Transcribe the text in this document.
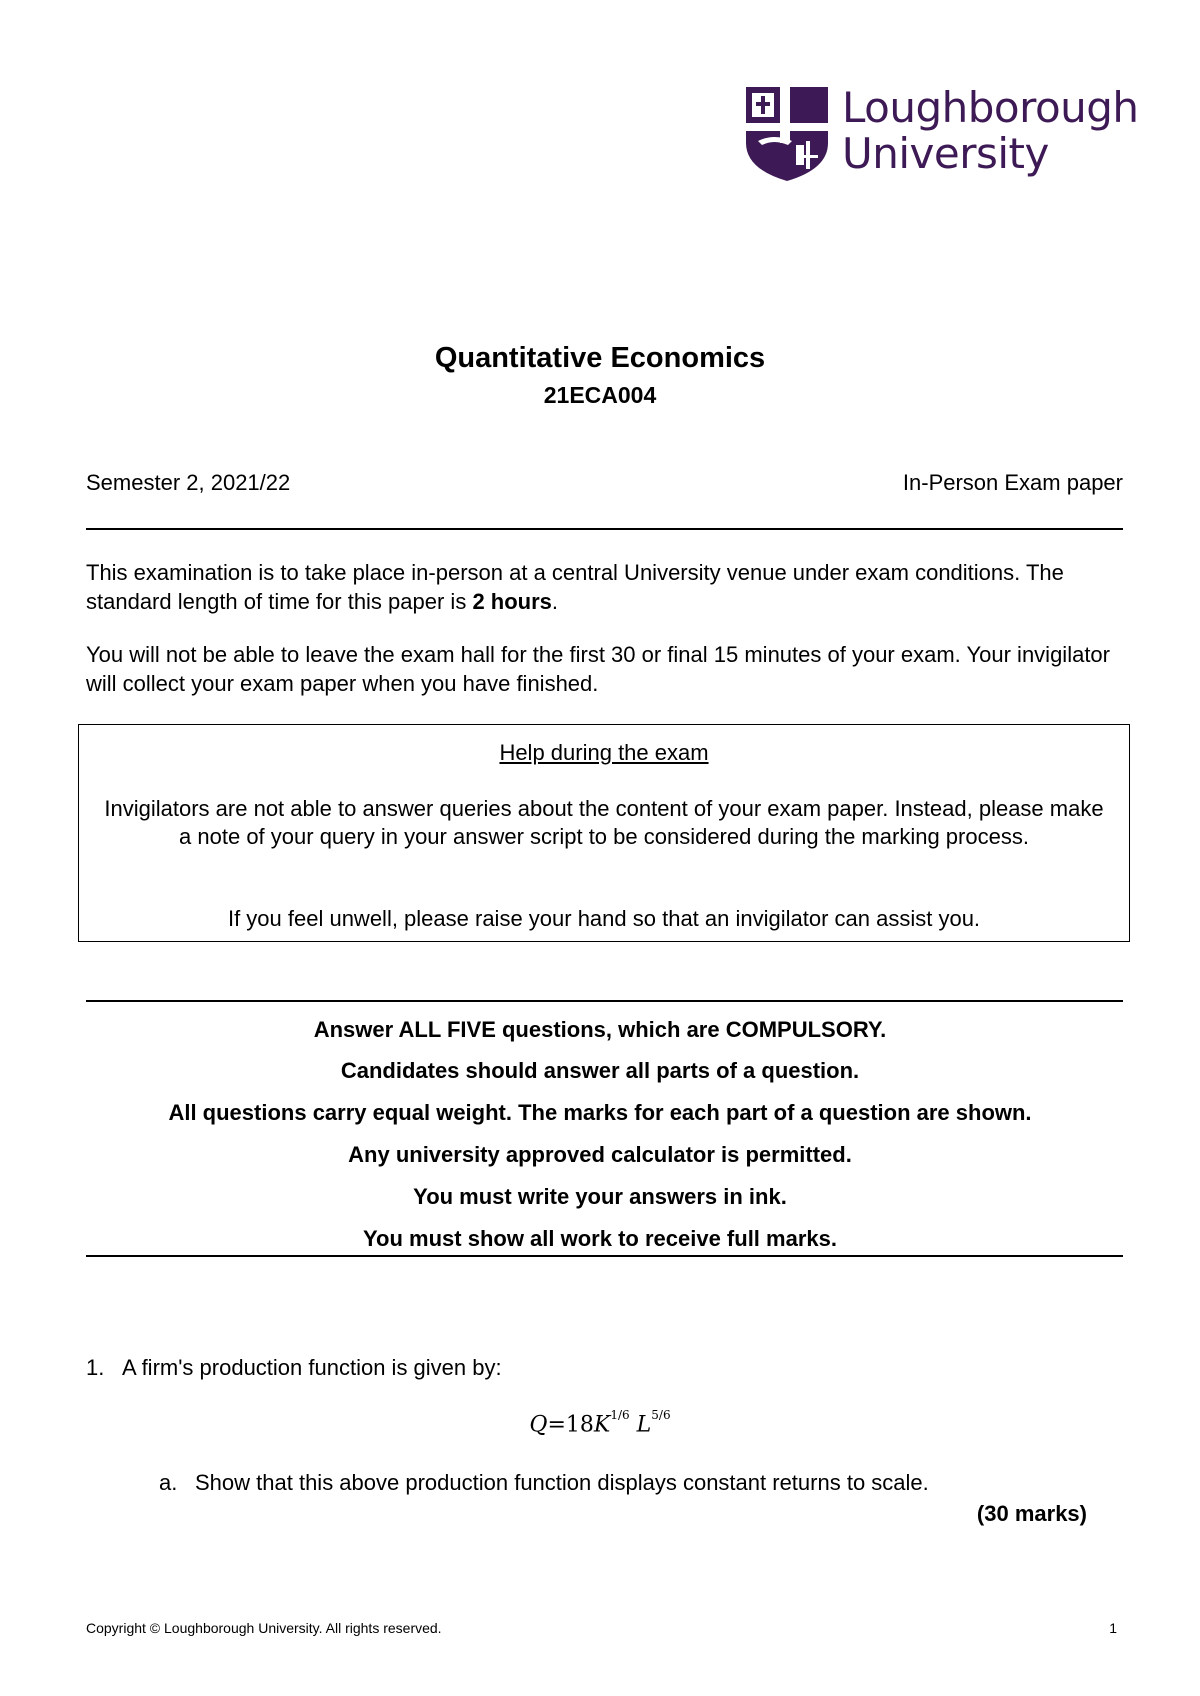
Loughborough
University
Quantitative Economics
21ECA004
Semester 2, 2021/22	In-Person Exam paper
This examination is to take place in-person at a central University venue under exam conditions. The standard length of time for this paper is 2 hours.
You will not be able to leave the exam hall for the first 30 or final 15 minutes of your exam. Your invigilator will collect your exam paper when you have finished.
Help during the exam
Invigilators are not able to answer queries about the content of your exam paper. Instead, please make a note of your query in your answer script to be considered during the marking process.
If you feel unwell, please raise your hand so that an invigilator can assist you.
Answer ALL FIVE questions, which are COMPULSORY.
Candidates should answer all parts of a question.
All questions carry equal weight. The marks for each part of a question are shown.
Any university approved calculator is permitted.
You must write your answers in ink.
You must show all work to receive full marks.
1. A firm's production function is given by:
$Q=18K^{1/6}$ $L^{5/6}$
a. Show that this above production function displays constant returns to scale.
(30 marks)
Copyright © Loughborough University. All rights reserved.	1
